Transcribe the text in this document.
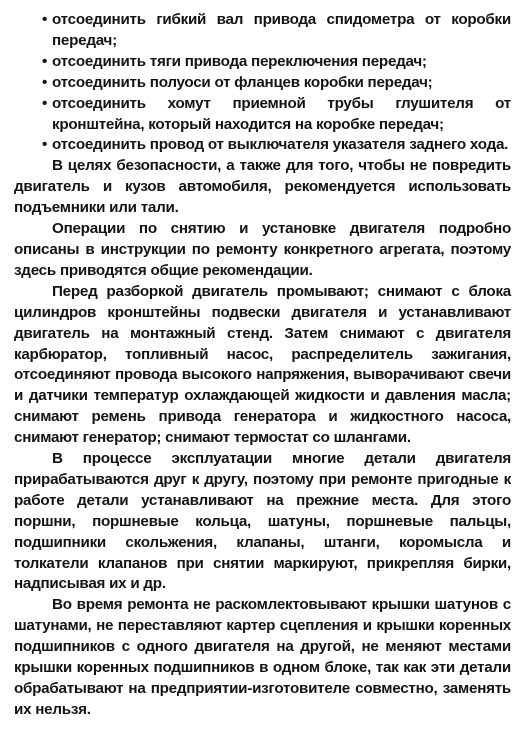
• отсоединить гибкий вал привода спидометра от коробки передач;
• отсоединить тяги привода переключения передач;
• отсоединить полуоси от фланцев коробки передач;
• отсоединить хомут приемной трубы глушителя от кронштейна, который находится на коробке передач;
• отсоединить провод от выключателя указателя заднего хода.

В целях безопасности, а также для того, чтобы не повредить двигатель и кузов автомобиля, рекомендуется использовать подъемники или тали.

Операции по снятию и установке двигателя подробно описаны в инструкции по ремонту конкретного агрегата, поэтому здесь приводятся общие рекомендации.

Перед разборкой двигатель промывают; снимают с блока цилиндров кронштейны подвески двигателя и устанавливают двигатель на монтажный стенд. Затем снимают с двигателя карбюратор, топливный насос, распределитель зажигания, отсоединяют провода высокого напряжения, выворачивают свечи и датчики температур охлаждающей жидкости и давления масла; снимают ремень привода генератора и жидкостного насоса, снимают генератор; снимают термостат со шлангами.

В процессе эксплуатации многие детали двигателя прирабатываются друг к другу, поэтому при ремонте пригодные к работе детали устанавливают на прежние места. Для этого поршни, поршневые кольца, шатуны, поршневые пальцы, подшипники скольжения, клапаны, штанги, коромысла и толкатели клапанов при снятии маркируют, прикрепляя бирки, надписывая их и др.

Во время ремонта не раскомлектовывают крышки шатунов с шатунами, не переставляют картер сцепления и крышки коренных подшипников с одного двигателя на другой, не меняют местами крышки коренных подшипников в одном блоке, так как эти детали обрабатывают на предприятии-изготовителе совместно, заменять их нельзя.
